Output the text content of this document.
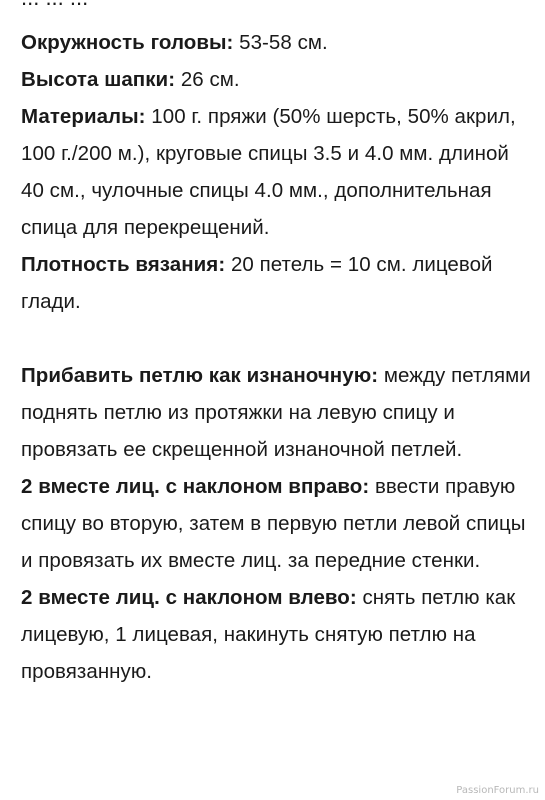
Окружность головы: 53-58 см.

Высота шапки: 26 см.

Материалы: 100 г. пряжи (50% шерсть, 50% акрил, 100 г./200 м.), круговые спицы 3.5 и 4.0 мм. длиной 40 см., чулочные спицы 4.0 мм., дополнительная спица для перекрещений.

Плотность вязания: 20 петель = 10 см. лицевой глади.

Прибавить петлю как изнаночную: между петлями поднять петлю из протяжки на левую спицу и провязать ее скрещенной изнаночной петлей.

2 вместе лиц. с наклоном вправо: ввести правую спицу во вторую, затем в первую петли левой спицы и провязать их вместе лиц. за передние стенки.

2 вместе лиц. с наклоном влево: снять петлю как лицевую, 1 лицевая, накинуть снятую петлю на провязанную.

PassionForum.ru
